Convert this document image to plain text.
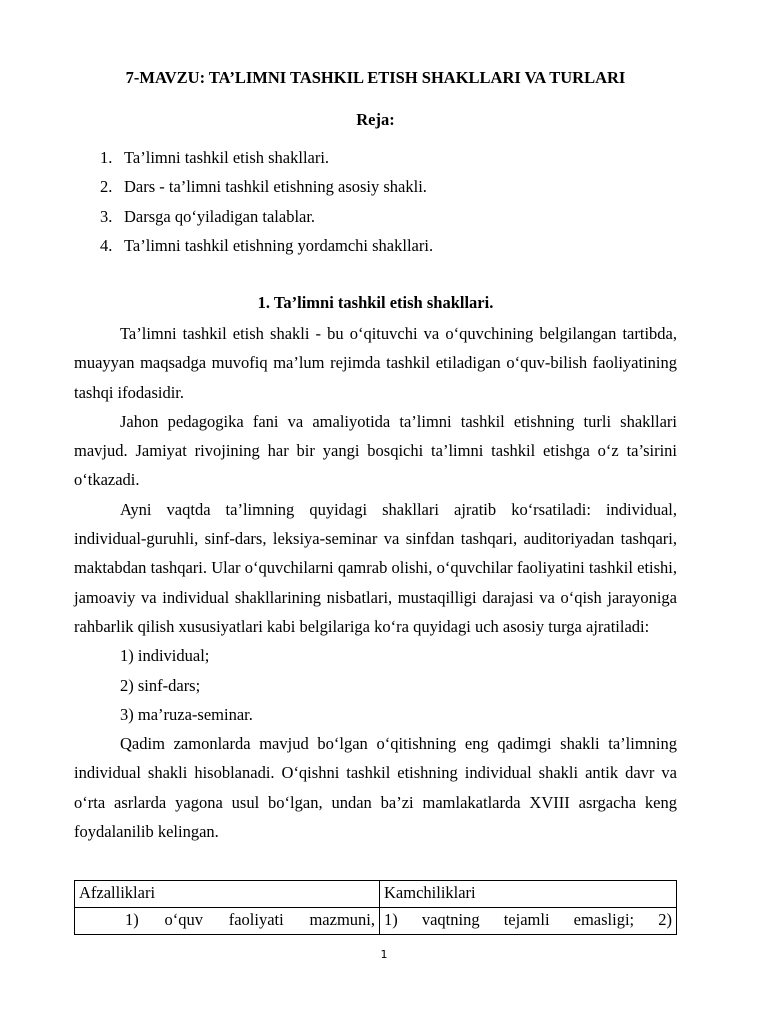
7-MAVZU: TA’LIMNI TASHKIL ETISH SHAKLLARI VA TURLARI
Reja:
1. Ta’limni tashkil etish shakllari.
2. Dars - ta’limni tashkil etishning asosiy shakli.
3. Darsga qo‘yiladigan talablar.
4. Ta’limni tashkil etishning yordamchi shakllari.
1. Ta’limni tashkil etish shakllari.

Ta’limni tashkil etish shakli - bu o‘qituvchi va o‘quvchining belgilangan tartibda, muayyan maqsadga muvofiq ma’lum rejimda tashkil etiladigan o‘quv-bilish faoliyatining tashqi ifodasidir.

Jahon pedagogika fani va amaliyotida ta’limni tashkil etishning turli shakllari mavjud. Jamiyat rivojining har bir yangi bosqichi ta’limni tashkil etishga o‘z ta’sirini o‘tkazadi.

Ayni vaqtda ta’limning quyidagi shakllari ajratib ko‘rsatiladi: individual, individual-guruhli, sinf-dars, leksiya-seminar va sinfdan tashqari, auditoriyadan tashqari, maktabdan tashqari. Ular o‘quvchilarni qamrab olishi, o‘quvchilar faoliyatini tashkil etishi, jamoaviy va individual shakllarining nisbatlari, mustaqilligi darajasi va o‘qish jarayoniga rahbarlik qilish xususiyatlari kabi belgilariga ko‘ra quyidagi uch asosiy turga ajratiladi:

1) individual;

2) sinf-dars;

3) ma’ruza-seminar.

Qadim zamonlarda mavjud bo‘lgan o‘qitishning eng qadimgi shakli ta’limning individual shakli hisoblanadi. O‘qishni tashkil etishning individual shakli antik davr va o‘rta asrlarda yagona usul bo‘lgan, undan ba’zi mamlakatlarda XVIII asrgacha keng foydalanilib kelingan.

Afzalliklari	Kamchiliklari
1) o‘quv faoliyati mazmuni,	1) vaqtning tejamli emasligi; 2)
1
